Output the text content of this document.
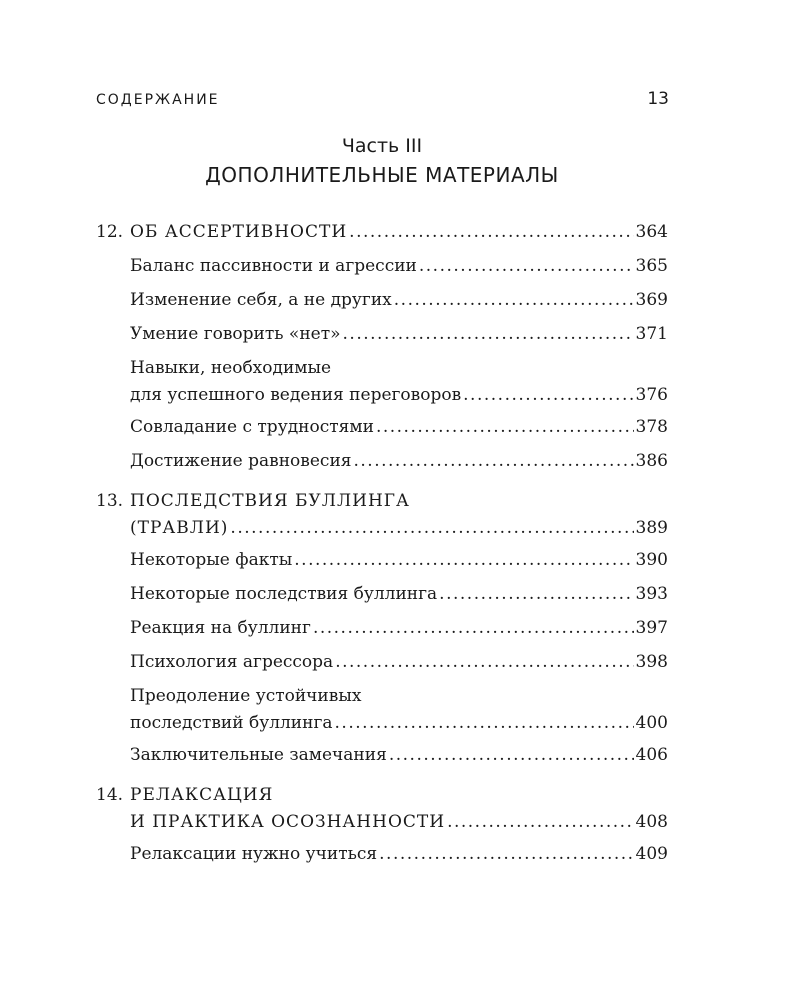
СОДЕРЖАНИЕ	13
Часть III
ДОПОЛНИТЕЛЬНЫЕ МАТЕРИАЛЫ
12. ОБ АССЕРТИВНОСТИ .....	364
Баланс пассивности и агрессии .....	365
Изменение себя, а не других .....	369
Умение говорить «нет» .....	371
Навыки, необходимые
для успешного ведения переговоров .....	376
Совладание с трудностями .....	378
Достижение равновесия .....	386
13. ПОСЛЕДСТВИЯ БУЛЛИНГА
(ТРАВЛИ) .....	389
Некоторые факты .....	390
Некоторые последствия буллинга .....	393
Реакция на буллинг .....	397
Психология агрессора .....	398
Преодоление устойчивых
последствий буллинга .....	400
Заключительные замечания .....	406
14. РЕЛАКСАЦИЯ
И ПРАКТИКА ОСОЗНАННОСТИ .....	408
Релаксации нужно учиться .....	409
